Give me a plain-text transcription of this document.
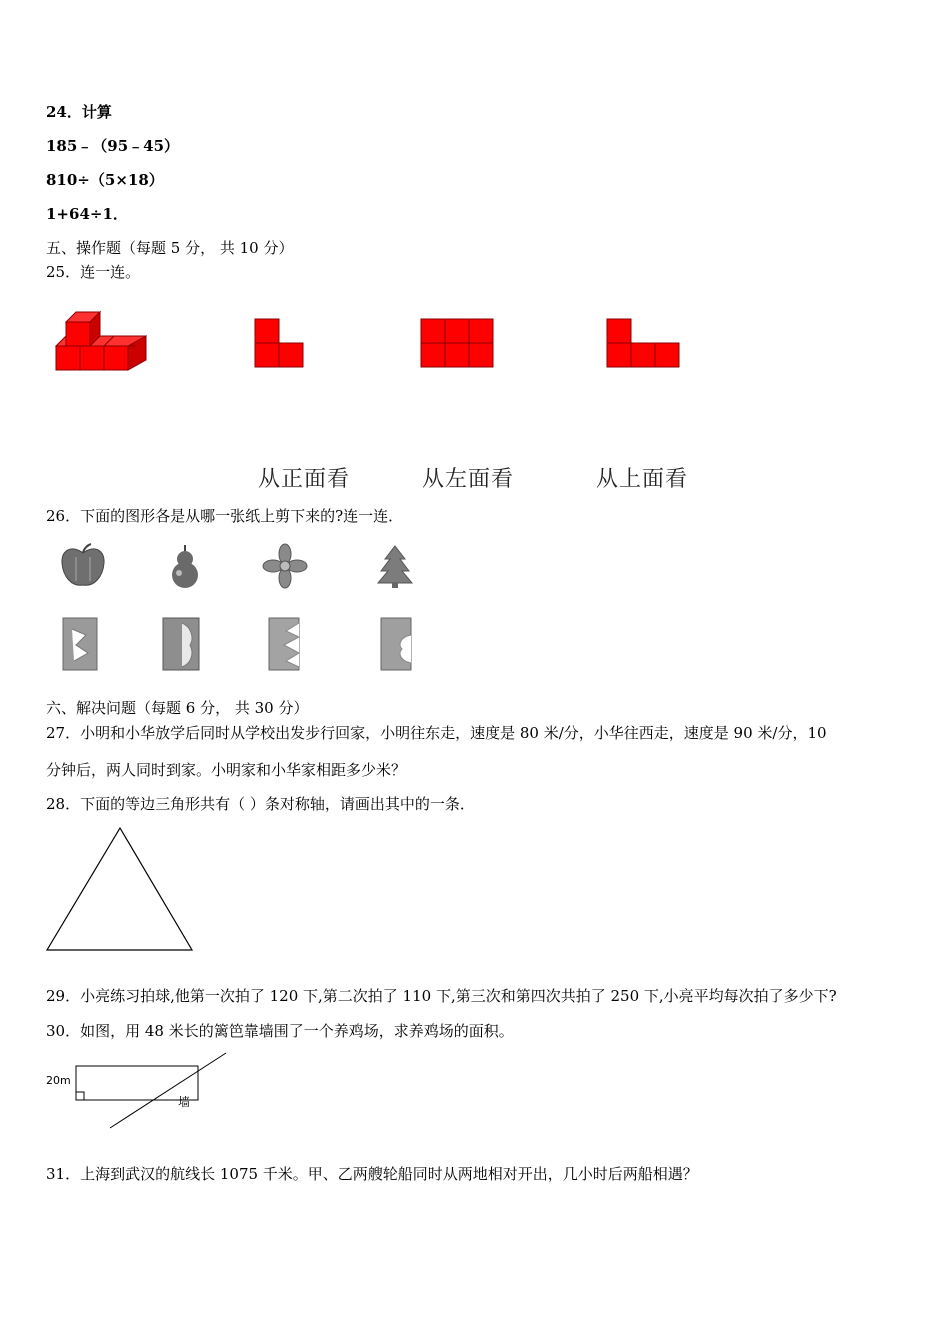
24．计算
185﹣（95﹣45）
810÷（5×18）
1+64÷1．
五、操作题（每题 5 分， 共 10 分）
25．连一连。
从正面看	从左面看	从上面看
26．下面的图形各是从哪一张纸上剪下来的?连一连．
六、解决问题（每题 6 分， 共 30 分）
27．小明和小华放学后同时从学校出发步行回家，小明往东走，速度是 80 米/分，小华往西走，速度是 90 米/分，10
分钟后，两人同时到家。小明家和小华家相距多少米？
28．下面的等边三角形共有（ ）条对称轴，请画出其中的一条．
29．小亮练习拍球,他第一次拍了 120 下,第二次拍了 110 下,第三次和第四次共拍了 250 下,小亮平均每次拍了多少下?
30．如图，用 48 米长的篱笆靠墙围了一个养鸡场，求养鸡场的面积。
20m
墙
31．上海到武汉的航线长 1075 千米。甲、乙两艘轮船同时从两地相对开出，几小时后两船相遇？
